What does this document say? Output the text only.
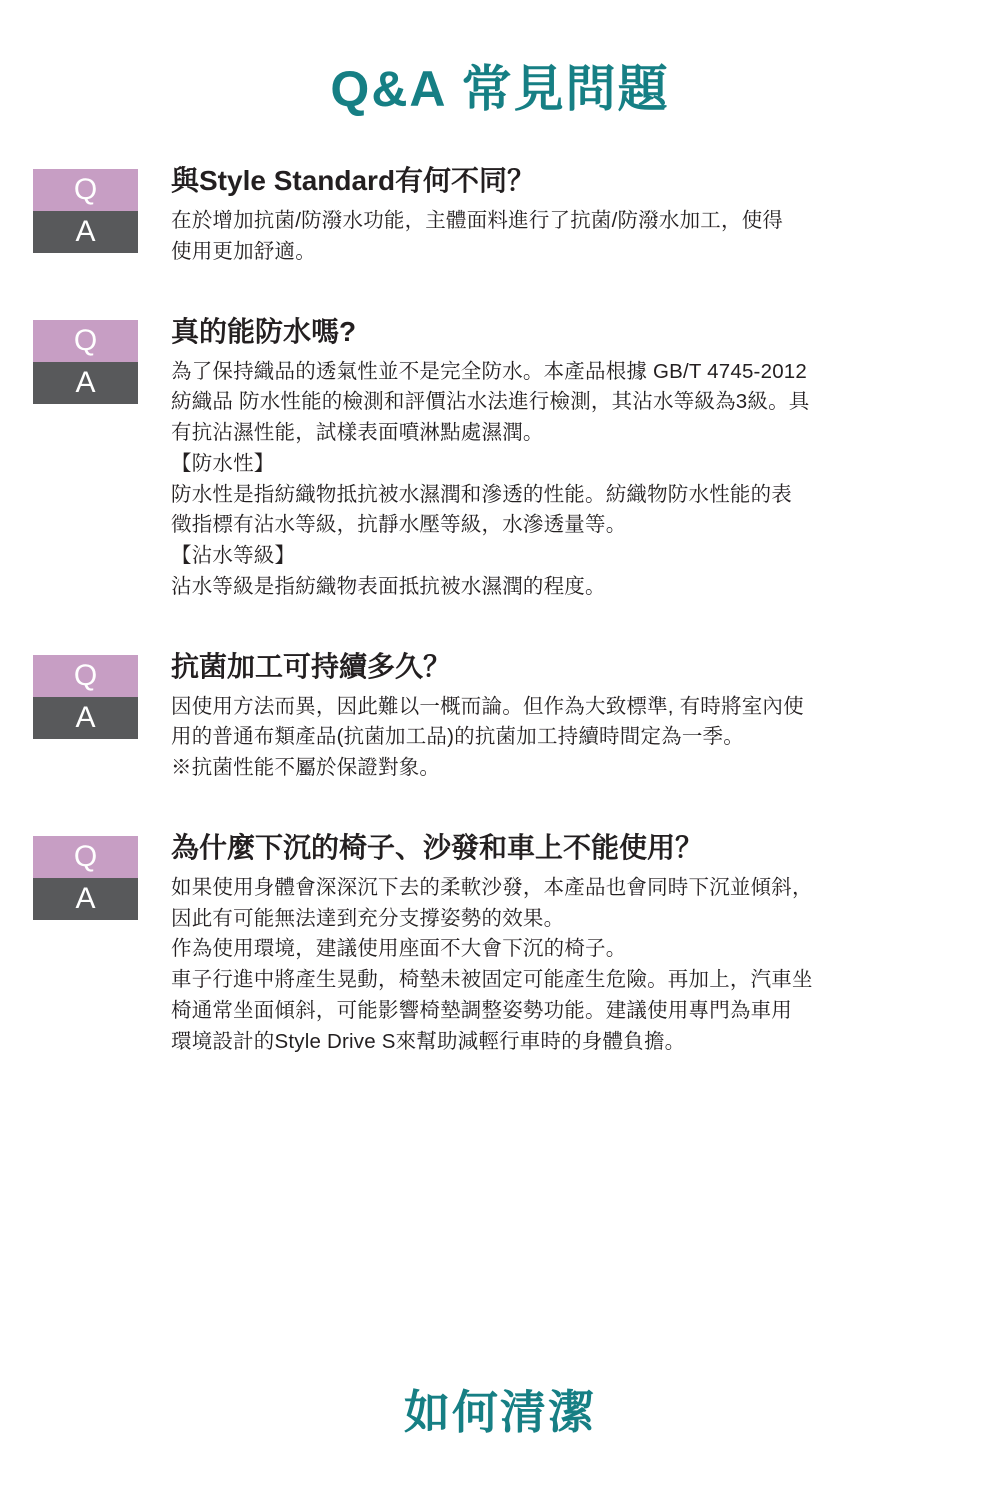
Q&A 常見問題
Q
A
與Style Standard有何不同？

在於增加抗菌/防潑水功能，主體面料進行了抗菌/防潑水加工，使得

使用更加舒適。

Q
A
真的能防水嗎?

為了保持織品的透氣性並不是完全防水。本產品根據 GB/T 4745-2012

紡織品 防水性能的檢測和評價沾水法進行檢測，其沾水等級為3級。具

有抗沾濕性能，試樣表面噴淋點處濕潤。

【防水性】

防水性是指紡織物抵抗被水濕潤和滲透的性能。紡織物防水性能的表

徵指標有沾水等級，抗靜水壓等級，水滲透量等。

【沾水等級】

沾水等級是指紡織物表面抵抗被水濕潤的程度。

Q
A
抗菌加工可持續多久？

因使用方法而異，因此難以一概而論。但作為大致標準, 有時將室內使

用的普通布類產品(抗菌加工品)的抗菌加工持續時間定為一季。

※抗菌性能不屬於保證對象。

Q
A
為什麼下沉的椅子、沙發和車上不能使用？

如果使用身體會深深沉下去的柔軟沙發，本產品也會同時下沉並傾斜，

因此有可能無法達到充分支撐姿勢的效果。

作為使用環境，建議使用座面不大會下沉的椅子。

車子行進中將產生晃動，椅墊未被固定可能產生危險。再加上，汽車坐

椅通常坐面傾斜，可能影響椅墊調整姿勢功能。建議使用專門為車用

環境設計的Style Drive S來幫助減輕行車時的身體負擔。

如何清潔
